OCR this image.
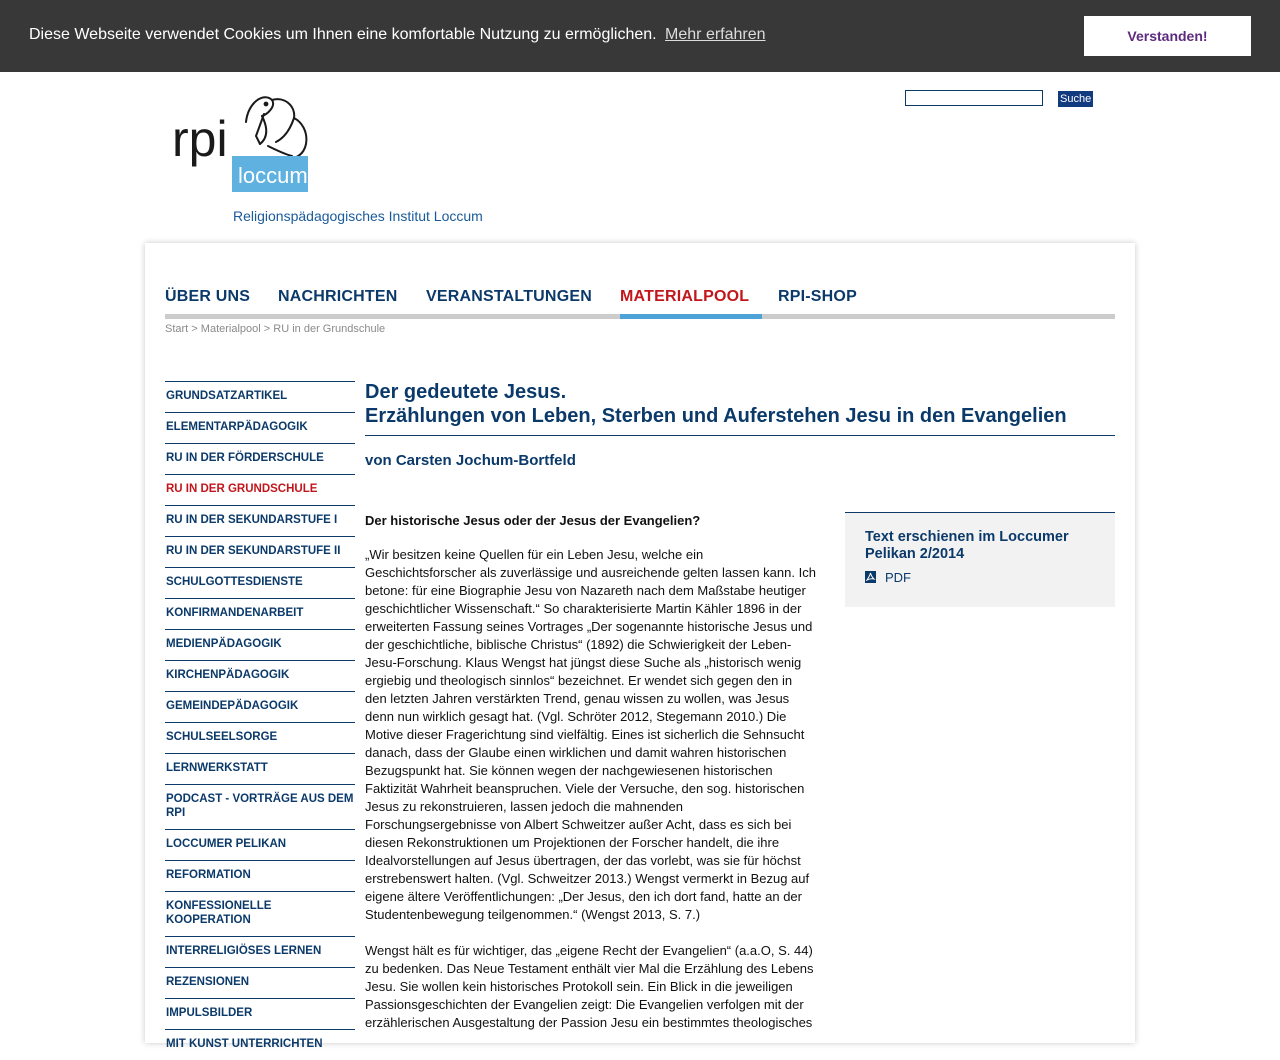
Diese Webseite verwendet Cookies um Ihnen eine komfortable Nutzung zu ermöglichen. Mehr erfahren	Verstanden!
rpi
loccum
Religionspädagogisches Institut Loccum
Suche
ÜBER UNS NACHRICHTEN VERANSTALTUNGEN MATERIALPOOL RPI-SHOP
Start > Materialpool > RU in der Grundschule
GRUNDSATZARTIKEL
ELEMENTARPÄDAGOGIK
RU IN DER FÖRDERSCHULE
RU IN DER GRUNDSCHULE
RU IN DER SEKUNDARSTUFE I
RU IN DER SEKUNDARSTUFE II
SCHULGOTTESDIENSTE
KONFIRMANDENARBEIT
MEDIENPÄDAGOGIK
KIRCHENPÄDAGOGIK
GEMEINDEPÄDAGOGIK
SCHULSEELSORGE
LERNWERKSTATT
PODCAST - VORTRÄGE AUS DEM RPI
LOCCUMER PELIKAN
REFORMATION
KONFESSIONELLE KOOPERATION
INTERRELIGIÖSES LERNEN
REZENSIONEN
IMPULSBILDER
MIT KUNST UNTERRICHTEN
Der gedeutete Jesus.
Erzählungen von Leben, Sterben und Auferstehen Jesu in den Evangelien
von Carsten Jochum-Bortfeld
Der historische Jesus oder der Jesus der Evangelien?

„Wir besitzen keine Quellen für ein Leben Jesu, welche ein Geschichtsforscher als zuverlässige und ausreichende gelten lassen kann. Ich betone: für eine Biographie Jesu von Nazareth nach dem Maßstabe heutiger geschichtlicher Wissenschaft.“ So charakterisierte Martin Kähler 1896 in der erweiterten Fassung seines Vortrages „Der sogenannte historische Jesus und der geschichtliche, biblische Christus“ (1892) die Schwierigkeit der Leben-Jesu-Forschung. Klaus Wengst hat jüngst diese Suche als „historisch wenig ergiebig und theologisch sinnlos“ bezeichnet. Er wendet sich gegen den in den letzten Jahren verstärkten Trend, genau wissen zu wollen, was Jesus denn nun wirklich gesagt hat. (Vgl. Schröter 2012, Stegemann 2010.) Die Motive dieser Fragerichtung sind vielfältig. Eines ist sicherlich die Sehnsucht danach, dass der Glaube einen wirklichen und damit wahren historischen Bezugspunkt hat. Sie können wegen der nachgewiesenen historischen Faktizität Wahrheit beanspruchen. Viele der Versuche, den sog. historischen Jesus zu rekonstruieren, lassen jedoch die mahnenden Forschungsergebnisse von Albert Schweitzer außer Acht, dass es sich bei diesen Rekonstruktionen um Projektionen der Forscher handelt, die ihre Idealvorstellungen auf Jesus übertragen, der das vorlebt, was sie für höchst erstrebenswert halten. (Vgl. Schweitzer 2013.) Wengst vermerkt in Bezug auf eigene ältere Veröffentlichungen: „Der Jesus, den ich dort fand, hatte an der Studentenbewegung teilgenommen.“ (Wengst 2013, S. 7.)

Wengst hält es für wichtiger, das „eigene Recht der Evangelien“ (a.a.O, S. 44) zu bedenken. Das Neue Testament enthält vier Mal die Erzählung des Lebens Jesu. Sie wollen kein historisches Protokoll sein. Ein Blick in die jeweiligen Passionsgeschichten der Evangelien zeigt: Die Evangelien verfolgen mit der erzählerischen Ausgestaltung der Passion Jesu ein bestimmtes theologisches

Text erschienen im Loccumer Pelikan 2/2014
PDF
